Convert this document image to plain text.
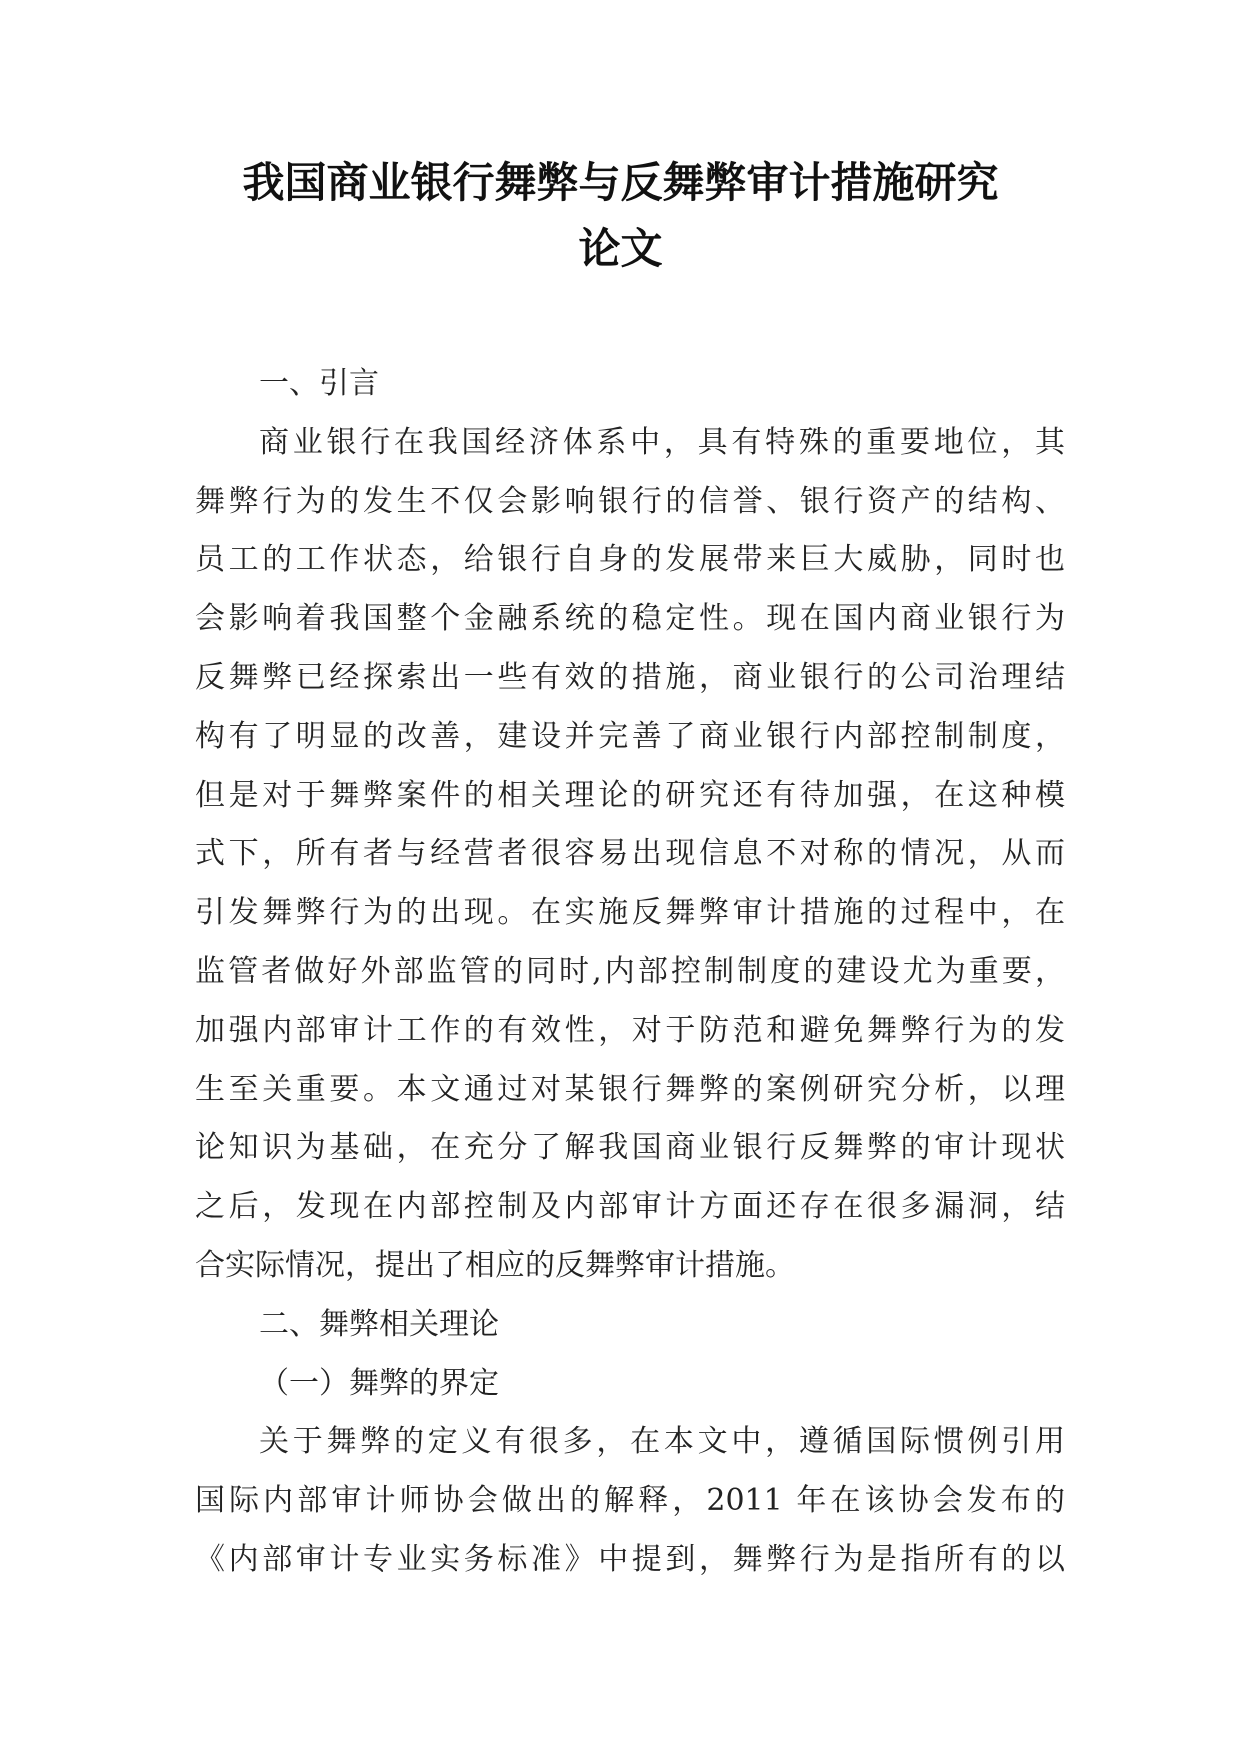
我国商业银行舞弊与反舞弊审计措施研究
论文
一、引言
商业银行在我国经济体系中，具有特殊的重要地位，其
舞弊行为的发生不仅会影响银行的信誉、银行资产的结构、
员工的工作状态，给银行自身的发展带来巨大威胁，同时也
会影响着我国整个金融系统的稳定性。现在国内商业银行为
反舞弊已经探索出一些有效的措施，商业银行的公司治理结
构有了明显的改善，建设并完善了商业银行内部控制制度，
但是对于舞弊案件的相关理论的研究还有待加强，在这种模
式下，所有者与经营者很容易出现信息不对称的情况，从而
引发舞弊行为的出现。在实施反舞弊审计措施的过程中，在
监管者做好外部监管的同时,内部控制制度的建设尤为重要，
加强内部审计工作的有效性，对于防范和避免舞弊行为的发
生至关重要。本文通过对某银行舞弊的案例研究分析，以理
论知识为基础，在充分了解我国商业银行反舞弊的审计现状
之后，发现在内部控制及内部审计方面还存在很多漏洞，结
合实际情况，提出了相应的反舞弊审计措施。
二、舞弊相关理论
（一）舞弊的界定
关于舞弊的定义有很多，在本文中，遵循国际惯例引用
国际内部审计师协会做出的解释，2011 年在该协会发布的
《内部审计专业实务标准》中提到，舞弊行为是指所有的以
